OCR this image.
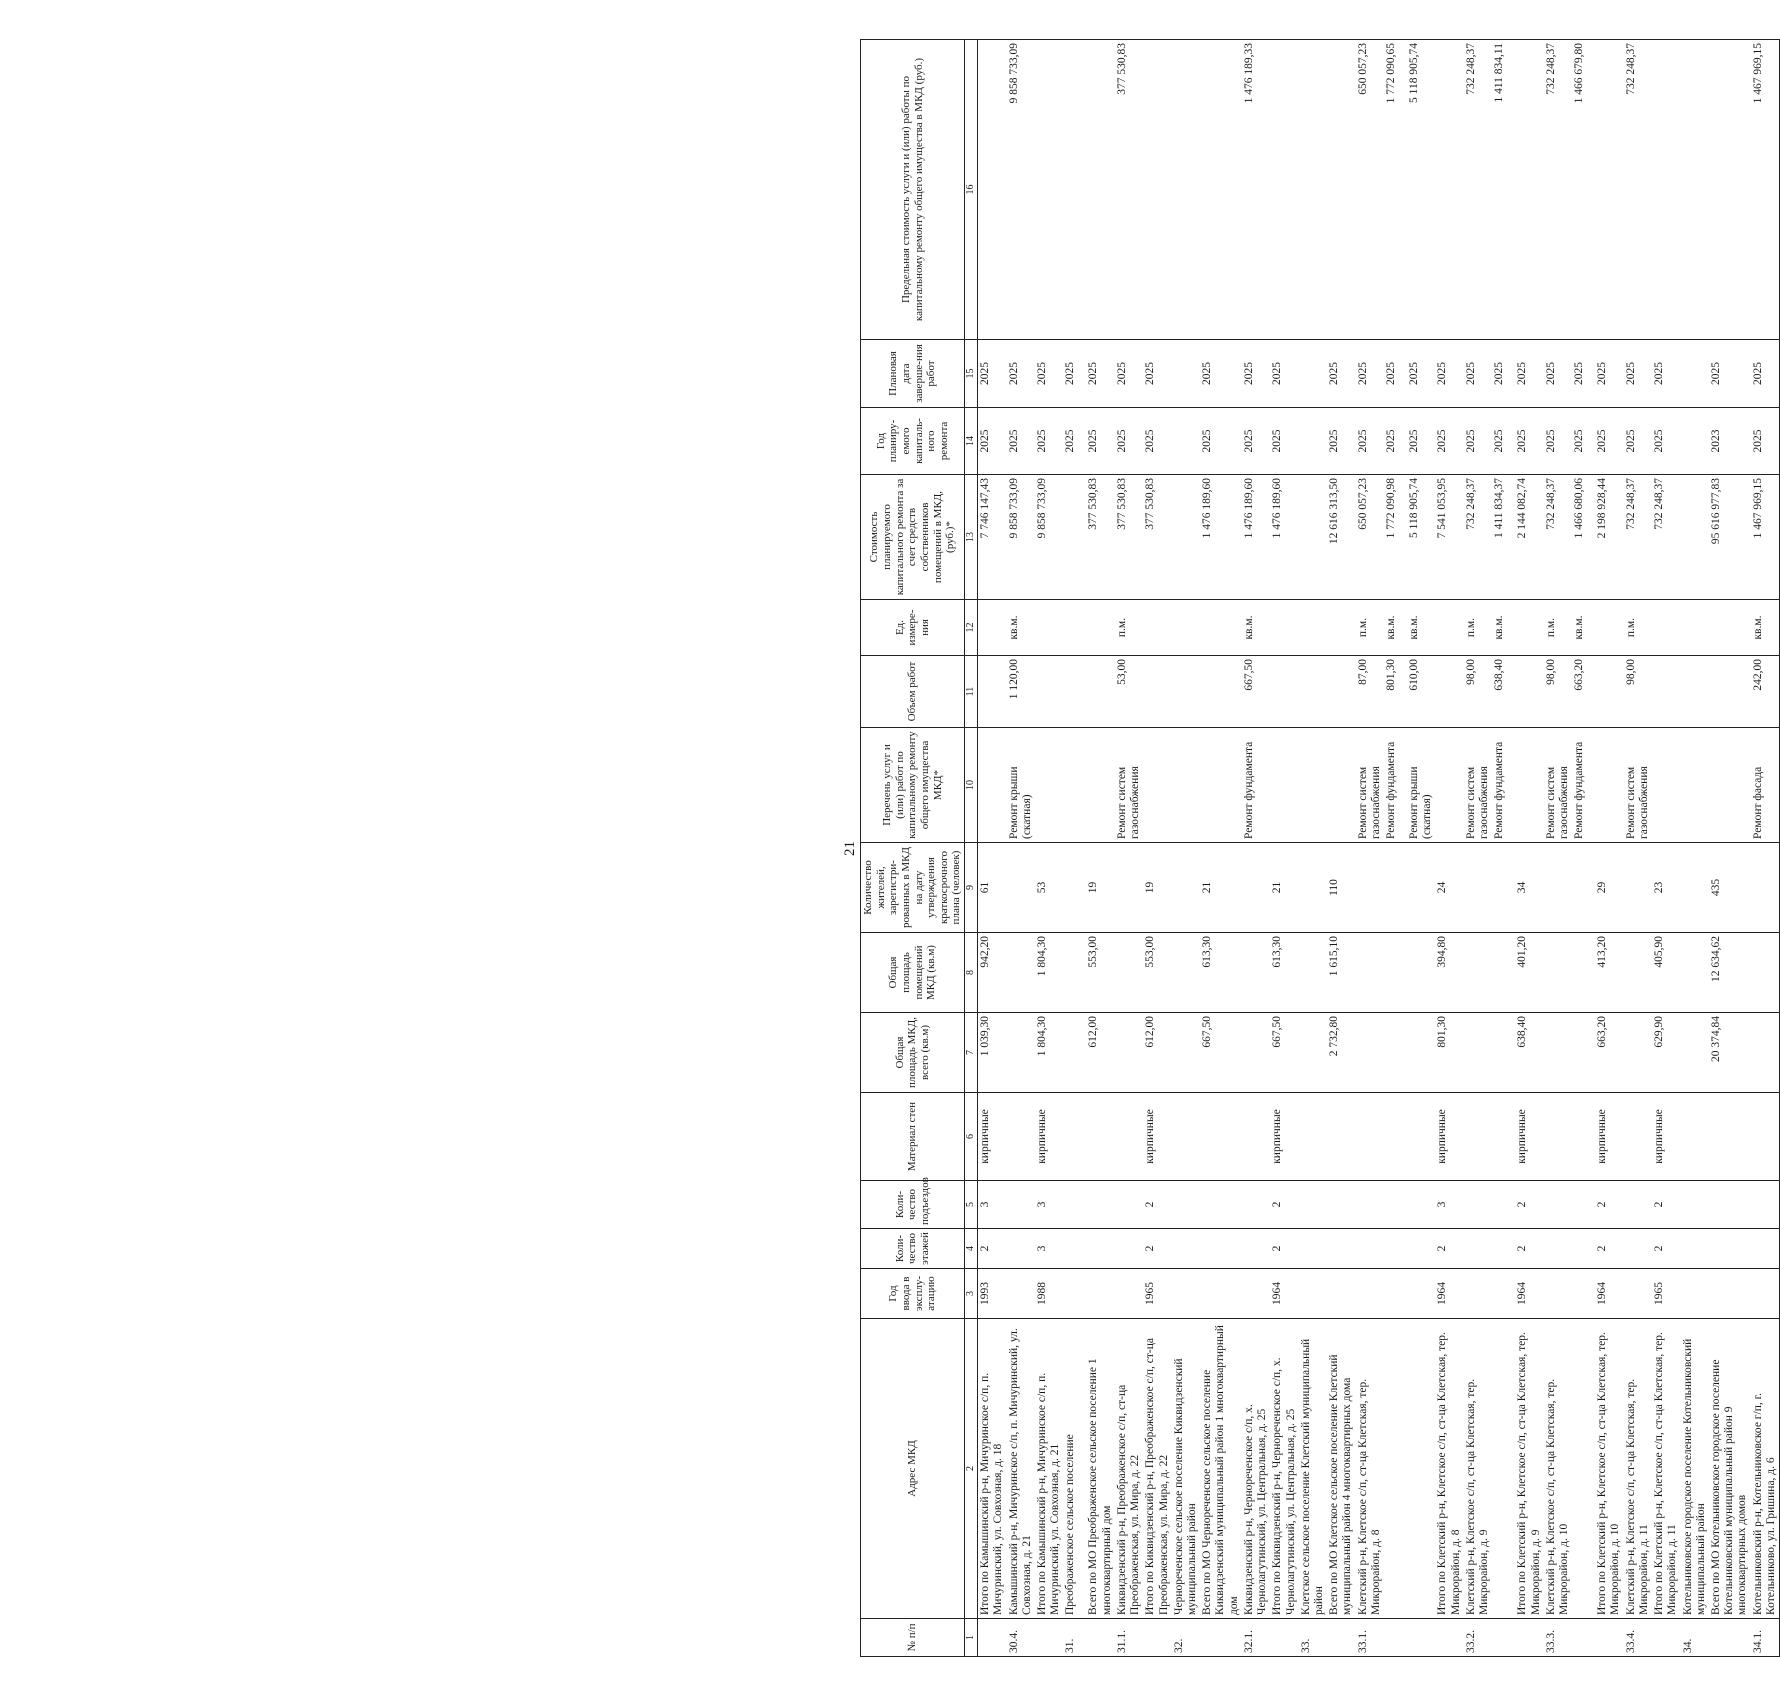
21
№ п/п	Адрес МКД	Год ввода в эксплу-атацию	Коли-чество этажей	Коли-чество подъездов	Материал стен	Общая площадь МКД, всего (кв.м)	Общая площадь помещений МКД (кв.м)	Количество жителей, зарегистри-рованных в МКД на дату утверждения краткосрочного плана (человек)	Перечень услуг и (или) работ по капитальному ремонту общего имущества МКД*	Объем работ	Ед. измере-ния	Стоимость планируемого капитального ремонта за счет средств собственников помещений в МКД, (руб.)*	Год планиру-емого капиталь-ного ремонта	Плановая дата заверше-ния работ	Предельная стоимость услуги и (или) работы по капитальному ремонту общего имущества в МКД (руб.)
1	2	3	4	5	6	7	8	9	10	11	12	13	14	15	16
	Итого по Камышинский р-н, Мичуринское с/п, п. Мичуринский, ул. Совхозная, д. 18	1993	2	3	кирпичные	1 039,30	942,20	61				7 746 147,43	2025	2025	
30.4.	Камышинский р-н, Мичуринское с/п, п. Мичуринский, ул. Совхозная, д. 21								Ремонт крыши (скатная)	1 120,00	кв.м.	9 858 733,09	2025	2025	9 858 733,09
	Итого по Камышинский р-н, Мичуринское с/п, п. Мичуринский, ул. Совхозная, д. 21	1988	3	3	кирпичные	1 804,30	1 804,30	53				9 858 733,09	2025	2025	
31.	Преображенское сельское поселение												2025	2025	
	Всего по МО Преображенское сельское поселение 1 многоквартирный дом					612,00	553,00	19				377 530,83	2025	2025	
31.1.	Киквидзенский р-н, Преображенское с/п, ст-ца Преображенская, ул. Мира, д. 22								Ремонт систем газоснабжения	53,00	п.м.	377 530,83	2025	2025	377 530,83
	Итого по Киквидзенский р-н, Преображенское с/п, ст-ца Преображенская, ул. Мира, д. 22	1965	2	2	кирпичные	612,00	553,00	19				377 530,83	2025	2025	
32.	Чернореченское сельское поселение Киквидзенский муниципальный район														
	Всего по МО Чернореченское сельское поселение Киквидзенский муниципальный район 1 многоквартирный дом					667,50	613,30	21				1 476 189,60	2025	2025	
32.1.	Киквидзенский р-н, Чернореченское с/п, х. Чернолагутинский, ул. Центральная, д. 25								Ремонт фундамента	667,50	кв.м.	1 476 189,60	2025	2025	1 476 189,33
	Итого по Киквидзенский р-н, Чернореченское с/п, х. Чернолагутинский, ул. Центральная, д. 25	1964	2	2	кирпичные	667,50	613,30	21				1 476 189,60	2025	2025	
33.	Клетское сельское поселение Клетский муниципальный район														
	Всего по МО Клетское сельское поселение Клетский муниципальный район 4 многоквартирных дома					2 732,80	1 615,10	110				12 616 313,50	2025	2025	
33.1.	Клетский р-н, Клетское с/п, ст-ца Клетская, тер. Микрорайон, д. 8								Ремонт систем газоснабжения	87,00	п.м.	650 057,23	2025	2025	650 057,23
									Ремонт фундамента	801,30	кв.м.	1 772 090,98	2025	2025	1 772 090,65
									Ремонт крыши (скатная)	610,00	кв.м.	5 118 905,74	2025	2025	5 118 905,74
	Итого по Клетский р-н, Клетское с/п, ст-ца Клетская, тер. Микрорайон, д. 8	1964	2	3	кирпичные	801,30	394,80	24				7 541 053,95	2025	2025	
33.2.	Клетский р-н, Клетское с/п, ст-ца Клетская, тер. Микрорайон, д. 9								Ремонт систем газоснабжения	98,00	п.м.	732 248,37	2025	2025	732 248,37
									Ремонт фундамента	638,40	кв.м.	1 411 834,37	2025	2025	1 411 834,11
	Итого по Клетский р-н, Клетское с/п, ст-ца Клетская, тер. Микрорайон, д. 9	1964	2	2	кирпичные	638,40	401,20	34				2 144 082,74	2025	2025	
33.3.	Клетский р-н, Клетское с/п, ст-ца Клетская, тер. Микрорайон, д. 10								Ремонт систем газоснабжения	98,00	п.м.	732 248,37	2025	2025	732 248,37
									Ремонт фундамента	663,20	кв.м.	1 466 680,06	2025	2025	1 466 679,80
	Итого по Клетский р-н, Клетское с/п, ст-ца Клетская, тер. Микрорайон, д. 10	1964	2	2	кирпичные	663,20	413,20	29				2 198 928,44	2025	2025	
33.4.	Клетский р-н, Клетское с/п, ст-ца Клетская, тер. Микрорайон, д. 11								Ремонт систем газоснабжения	98,00	п.м.	732 248,37	2025	2025	732 248,37
	Итого по Клетский р-н, Клетское с/п, ст-ца Клетская, тер. Микрорайон, д. 11	1965	2	2	кирпичные	629,90	405,90	23				732 248,37	2025	2025	
34.	Котельниковское городское поселение Котельниковский муниципальный район														
	Всего по МО Котельниковское городское поселение Котельниковский муниципальный район 9 многоквартирных домов					20 374,84	12 634,62	435				95 616 977,83	2023	2025	
34.1.	Котельниковский р-н, Котельниковское г/п, г. Котельниково, ул. Гришина, д. 6								Ремонт фасада	242,00	кв.м.	1 467 969,15	2025	2025	1 467 969,15
